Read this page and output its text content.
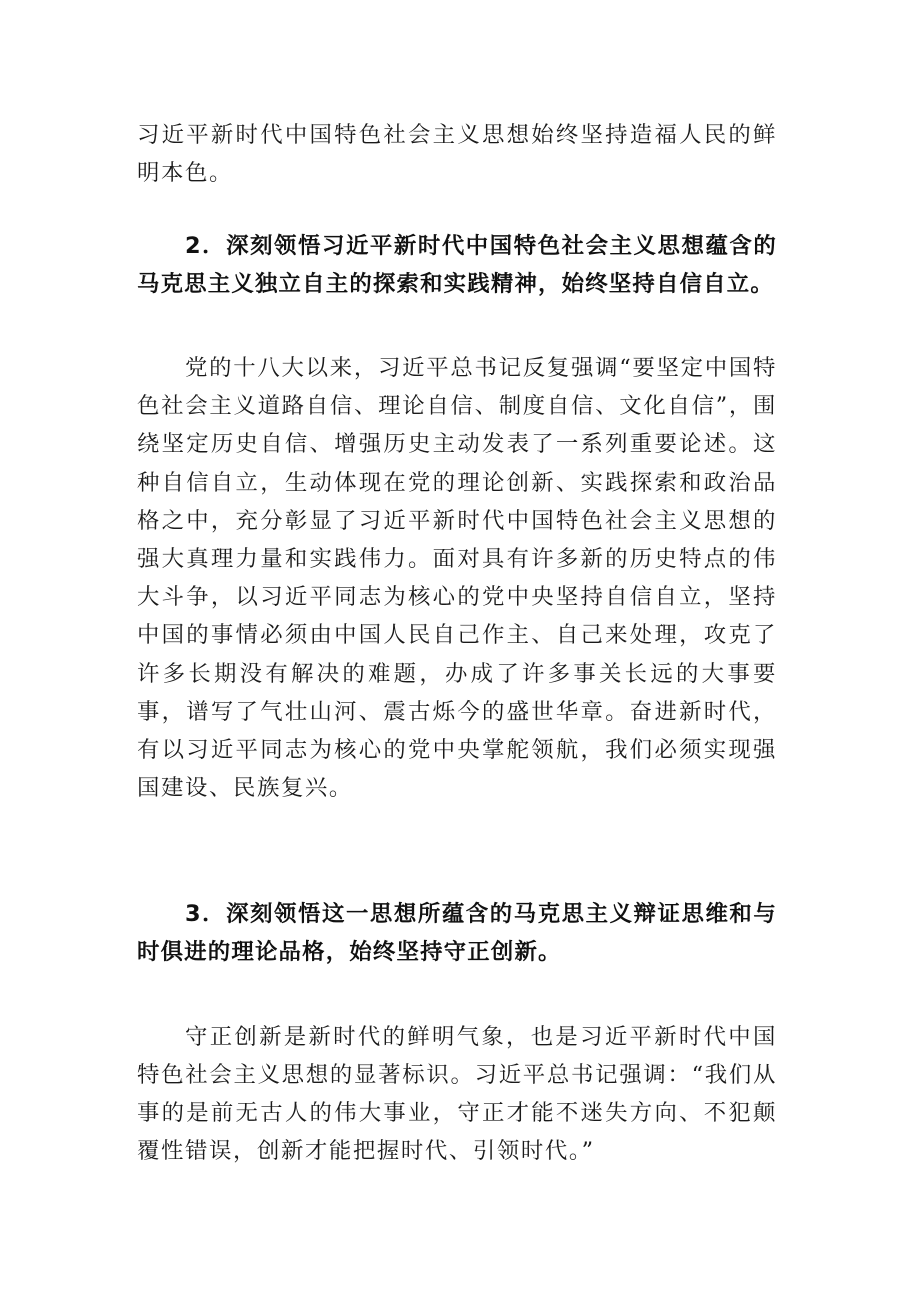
习近平新时代中国特色社会主义思想始终坚持造福人民的鲜明本色。

2．深刻领悟习近平新时代中国特色社会主义思想蕴含的马克思主义独立自主的探索和实践精神，始终坚持自信自立。

党的十八大以来，习近平总书记反复强调“要坚定中国特色社会主义道路自信、理论自信、制度自信、文化自信”，围绕坚定历史自信、增强历史主动发表了一系列重要论述。这种自信自立，生动体现在党的理论创新、实践探索和政治品格之中，充分彰显了习近平新时代中国特色社会主义思想的强大真理力量和实践伟力。面对具有许多新的历史特点的伟大斗争，以习近平同志为核心的党中央坚持自信自立，坚持中国的事情必须由中国人民自己作主、自己来处理，攻克了许多长期没有解决的难题，办成了许多事关长远的大事要事，谱写了气壮山河、震古烁今的盛世华章。奋进新时代，有以习近平同志为核心的党中央掌舵领航，我们必须实现强国建设、民族复兴。

3．深刻领悟这一思想所蕴含的马克思主义辩证思维和与时俱进的理论品格，始终坚持守正创新。

守正创新是新时代的鲜明气象，也是习近平新时代中国特色社会主义思想的显著标识。习近平总书记强调：“我们从事的是前无古人的伟大事业，守正才能不迷失方向、不犯颠覆性错误，创新才能把握时代、引领时代。”
